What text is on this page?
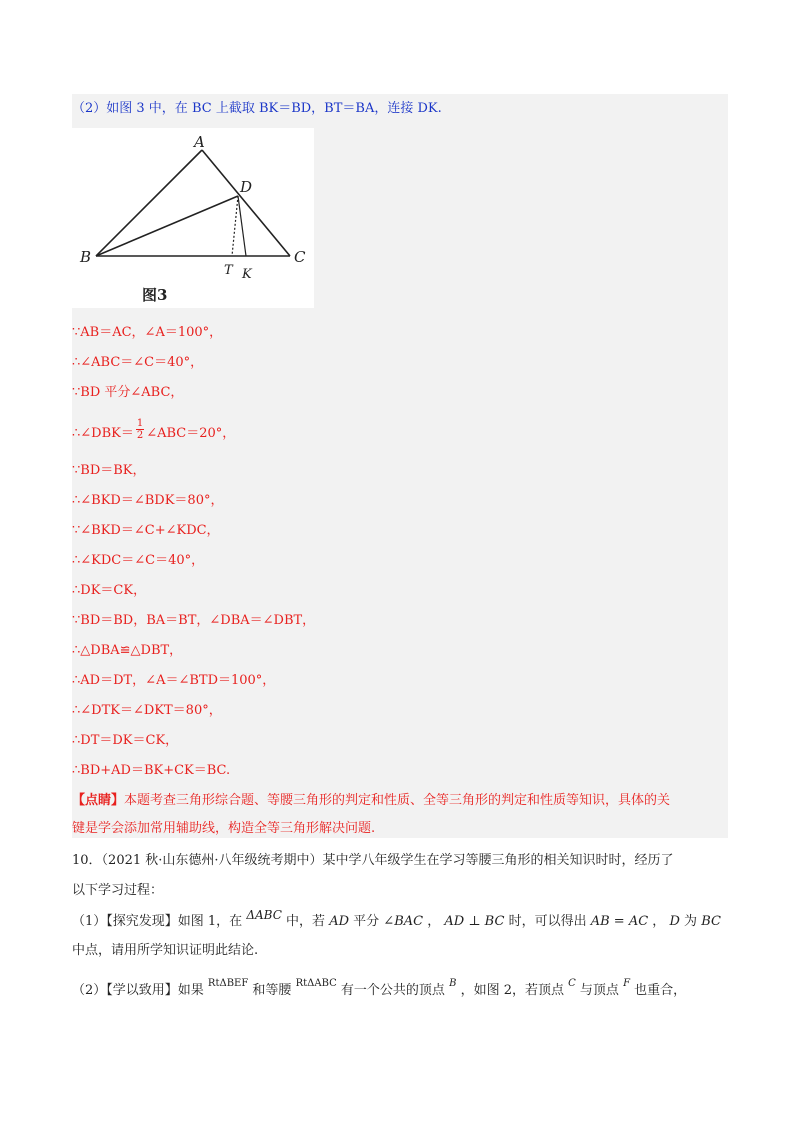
（2）如图 3 中，在 BC 上截取 BK＝BD，BT＝BA，连接 DK.
A
B	C
D
T K
图3
∵AB＝AC，∠A＝100°，
∴∠ABC＝∠C＝40°，
∵BD 平分∠ABC，
∴∠DBK＝ $\frac{1}{2}$ ∠ABC＝20°，
∵BD＝BK，
∴∠BKD＝∠BDK＝80°，
∵∠BKD＝∠C+∠KDC，
∴∠KDC＝∠C＝40°，
∴DK＝CK，
∵BD＝BD，BA＝BT，∠DBA＝∠DBT，
∴△DBA≌△DBT，
∴AD＝DT，∠A＝∠BTD＝100°，
∴∠DTK＝∠DKT＝80°，
∴DT＝DK＝CK，
∴BD+AD＝BK+CK＝BC.
【点睛】本题考查三角形综合题、等腰三角形的判定和性质、全等三角形的判定和性质等知识，具体的关
键是学会添加常用辅助线，构造全等三角形解决问题.
10．（2021 秋·山东德州·八年级统考期中）某中学八年级学生在学习等腰三角形的相关知识时时，经历了
以下学习过程：
（1）【探究发现】如图 1，在 ΔABC 中，若 AD 平分 ∠BAC ， AD ⊥ BC 时，可以得出 AB = AC ， D 为 BC
中点，请用所学知识证明此结论.
（2）【学以致用】如果 $^{Rt\Delta BEF}$ 和等腰 $^{Rt\Delta ABC}$ 有一个公共的顶点 $^B$ ，如图 2，若顶点 $^C$ 与顶点 $^F$ 也重合，
